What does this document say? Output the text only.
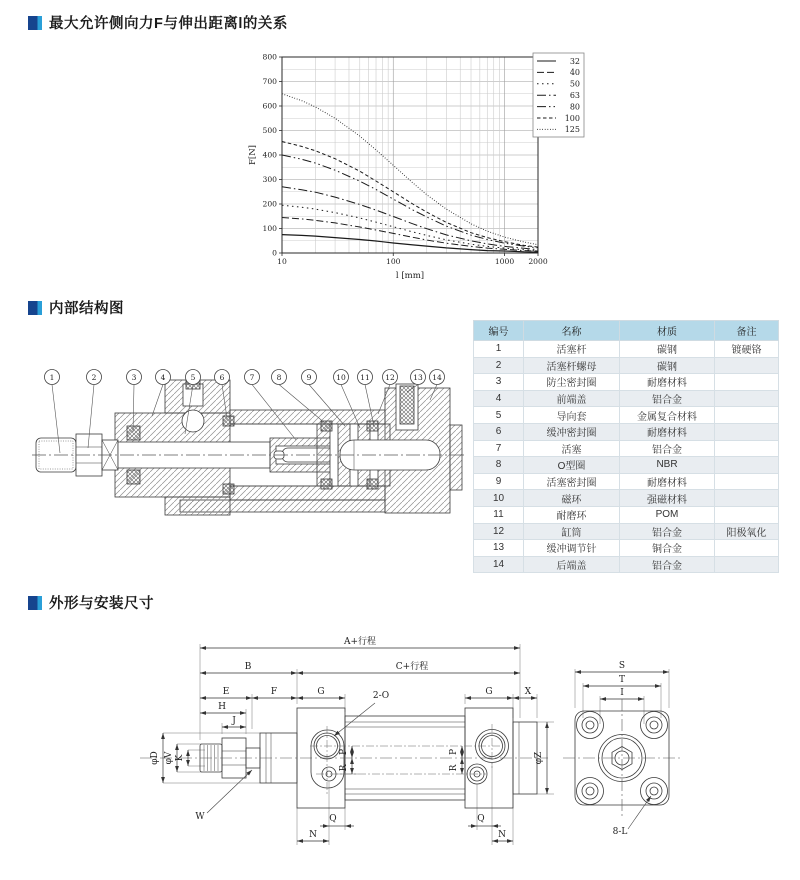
最大允许侧向力F与伸出距离l的关系
0
100
200
300
400
500
600
700
800
10	100	1000 2000
F[N]
l [mm]
32
40
50
63
80
100
125
内部结构图
1	2	3	4	5	6	7	8	9	10 11 12 13 14
编号	名称	材质	备注
1	活塞杆	碳钢	镀硬铬
2	活塞杆螺母	碳钢	
3	防尘密封圈	耐磨材料	
4	前端盖	铝合金	
5	导向套	金属复合材料	
6	缓冲密封圈	耐磨材料	
7	活塞	铝合金	
8	O型圈	NBR	
9	活塞密封圈	耐磨材料	
10	磁环	强磁材料	
11	耐磨环	POM	
12	缸筒	铝合金	阳极氧化
13	缓冲调节针	铜合金	
14	后端盖	铝合金	
外形与安装尺寸
A+行程
B	C+行程
E	F	G
H
J
G	X
φD φV K	φZ
P
R
P
R
Q
N
Q
N
S
T
I
2-O
W
8-L
